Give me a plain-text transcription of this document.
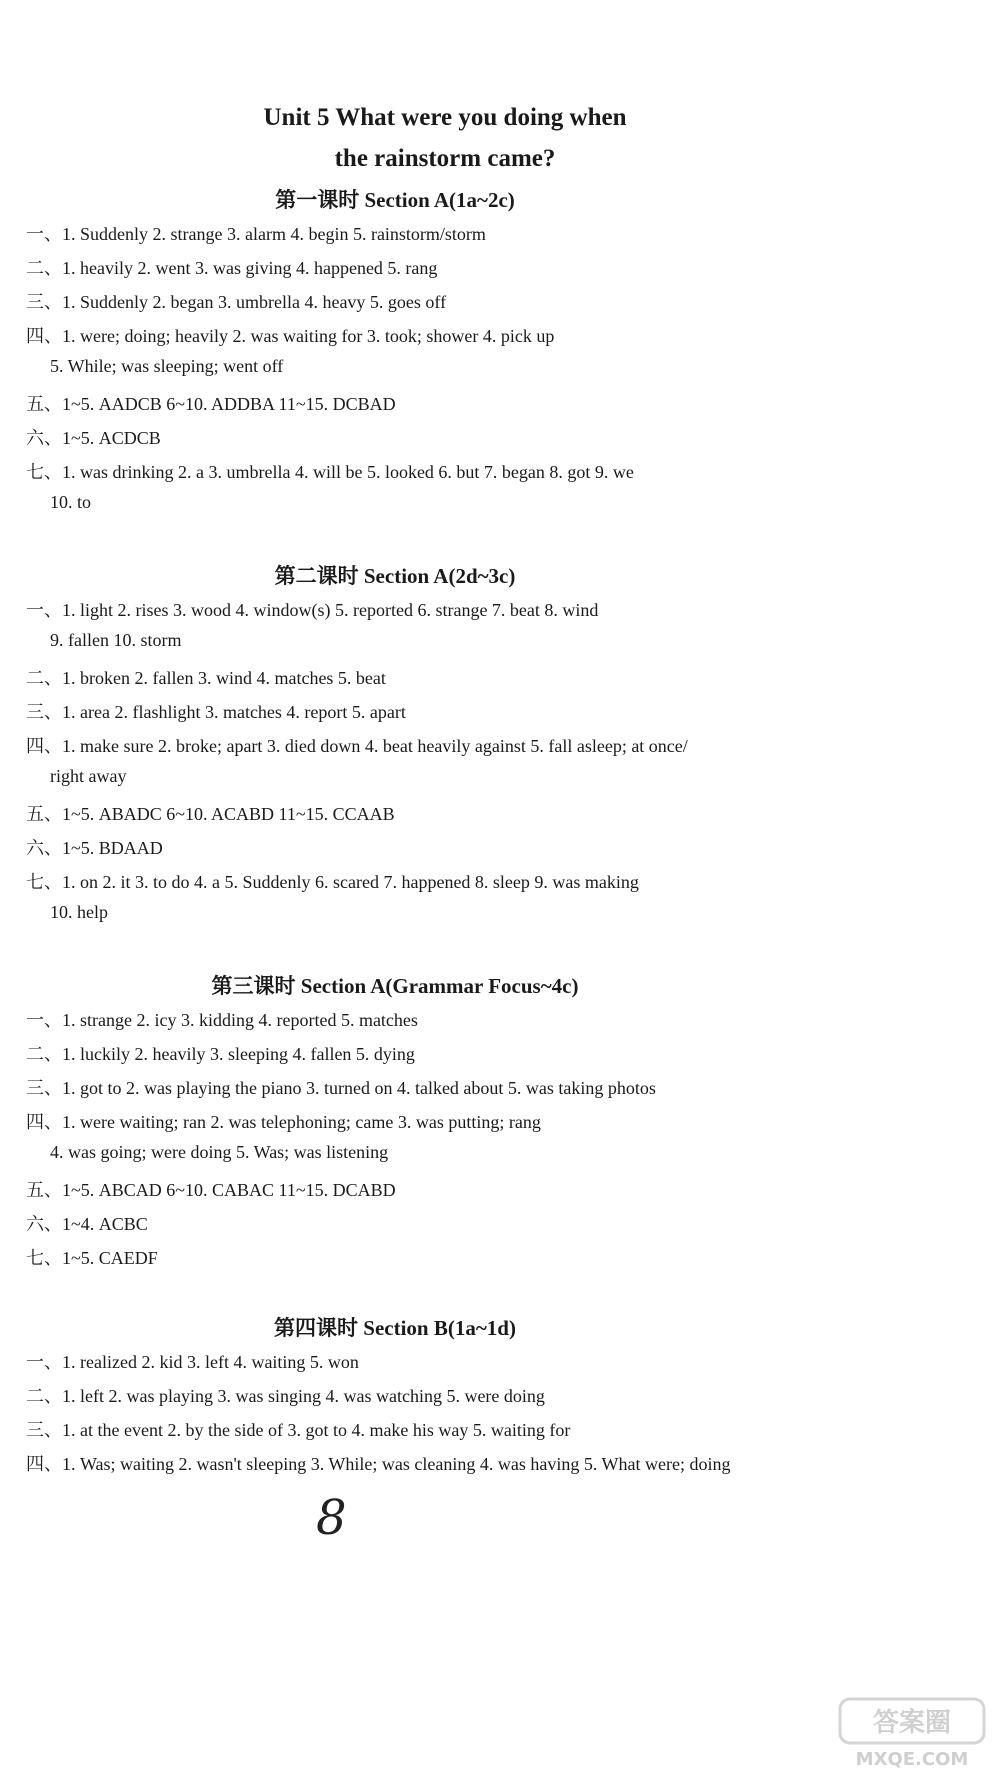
Unit 5 What were you doing when
the rainstorm came?
第一课时 Section A(1a~2c)
一、1. Suddenly 2. strange 3. alarm 4. begin 5. rainstorm/storm
二、1. heavily 2. went 3. was giving 4. happened 5. rang
三、1. Suddenly 2. began 3. umbrella 4. heavy 5. goes off
四、1. were; doing; heavily 2. was waiting for 3. took; shower 4. pick up
5. While; was sleeping; went off
五、1~5. AADCB 6~10. ADDBA 11~15. DCBAD
六、1~5. ACDCB
七、1. was drinking 2. a 3. umbrella 4. will be 5. looked 6. but 7. began 8. got 9. we
10. to
第二课时 Section A(2d~3c)
一、1. light 2. rises 3. wood 4. window(s) 5. reported 6. strange 7. beat 8. wind
9. fallen 10. storm
二、1. broken 2. fallen 3. wind 4. matches 5. beat
三、1. area 2. flashlight 3. matches 4. report 5. apart
四、1. make sure 2. broke; apart 3. died down 4. beat heavily against 5. fall asleep; at once/
right away
五、1~5. ABADC 6~10. ACABD 11~15. CCAAB
六、1~5. BDAAD
七、1. on 2. it 3. to do 4. a 5. Suddenly 6. scared 7. happened 8. sleep 9. was making
10. help
第三课时 Section A(Grammar Focus~4c)
一、1. strange 2. icy 3. kidding 4. reported 5. matches
二、1. luckily 2. heavily 3. sleeping 4. fallen 5. dying
三、1. got to 2. was playing the piano 3. turned on 4. talked about 5. was taking photos
四、1. were waiting; ran 2. was telephoning; came 3. was putting; rang
4. was going; were doing 5. Was; was listening
五、1~5. ABCAD 6~10. CABAC 11~15. DCABD
六、1~4. ACBC
七、1~5. CAEDF
第四课时 Section B(1a~1d)
一、1. realized 2. kid 3. left 4. waiting 5. won
二、1. left 2. was playing 3. was singing 4. was watching 5. were doing
三、1. at the event 2. by the side of 3. got to 4. make his way 5. waiting for
四、1. Was; waiting 2. wasn't sleeping 3. While; was cleaning 4. was having 5. What were; doing
8
答案圈
MXQE.COM
